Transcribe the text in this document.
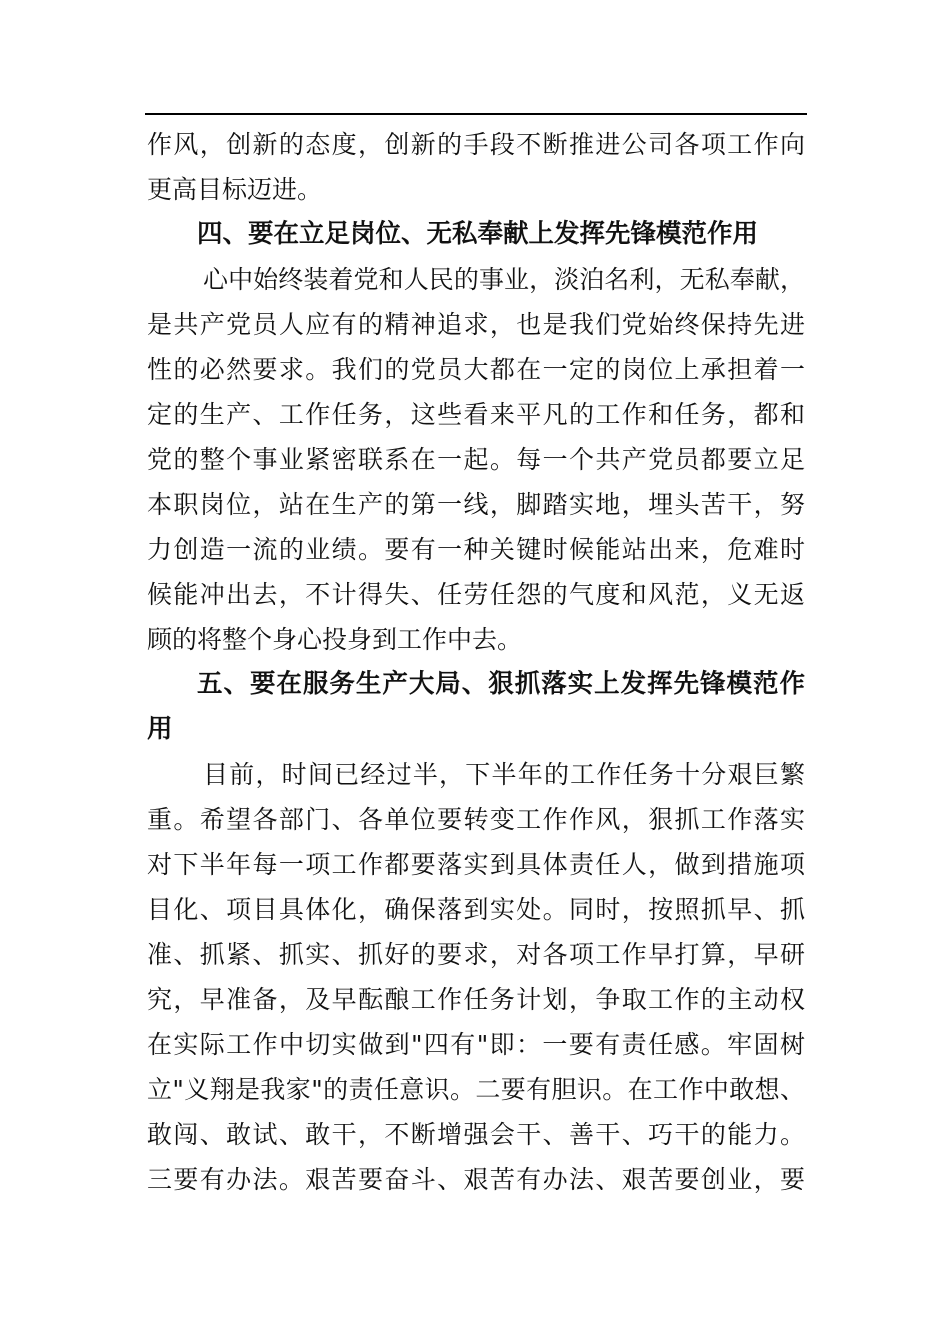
作风，创新的态度，创新的手段不断推进公司各项工作向
更高目标迈进。
四、要在立足岗位、无私奉献上发挥先锋模范作用
心中始终装着党和人民的事业，淡泊名利，无私奉献，
是共产党员人应有的精神追求，也是我们党始终保持先进
性的必然要求。我们的党员大都在一定的岗位上承担着一
定的生产、工作任务，这些看来平凡的工作和任务，都和
党的整个事业紧密联系在一起。每一个共产党员都要立足
本职岗位，站在生产的第一线，脚踏实地，埋头苦干，努
力创造一流的业绩。要有一种关键时候能站出来，危难时
候能冲出去，不计得失、任劳任怨的气度和风范，义无返
顾的将整个身心投身到工作中去。
五、要在服务生产大局、狠抓落实上发挥先锋模范作
用
目前，时间已经过半，下半年的工作任务十分艰巨繁
重。希望各部门、各单位要转变工作作风，狠抓工作落实
对下半年每一项工作都要落实到具体责任人，做到措施项
目化、项目具体化，确保落到实处。同时，按照抓早、抓
准、抓紧、抓实、抓好的要求，对各项工作早打算，早研
究，早准备，及早酝酿工作任务计划，争取工作的主动权
在实际工作中切实做到"四有"即：一要有责任感。牢固树
立"义翔是我家"的责任意识。二要有胆识。在工作中敢想、
敢闯、敢试、敢干，不断增强会干、善干、巧干的能力。
三要有办法。艰苦要奋斗、艰苦有办法、艰苦要创业，要
